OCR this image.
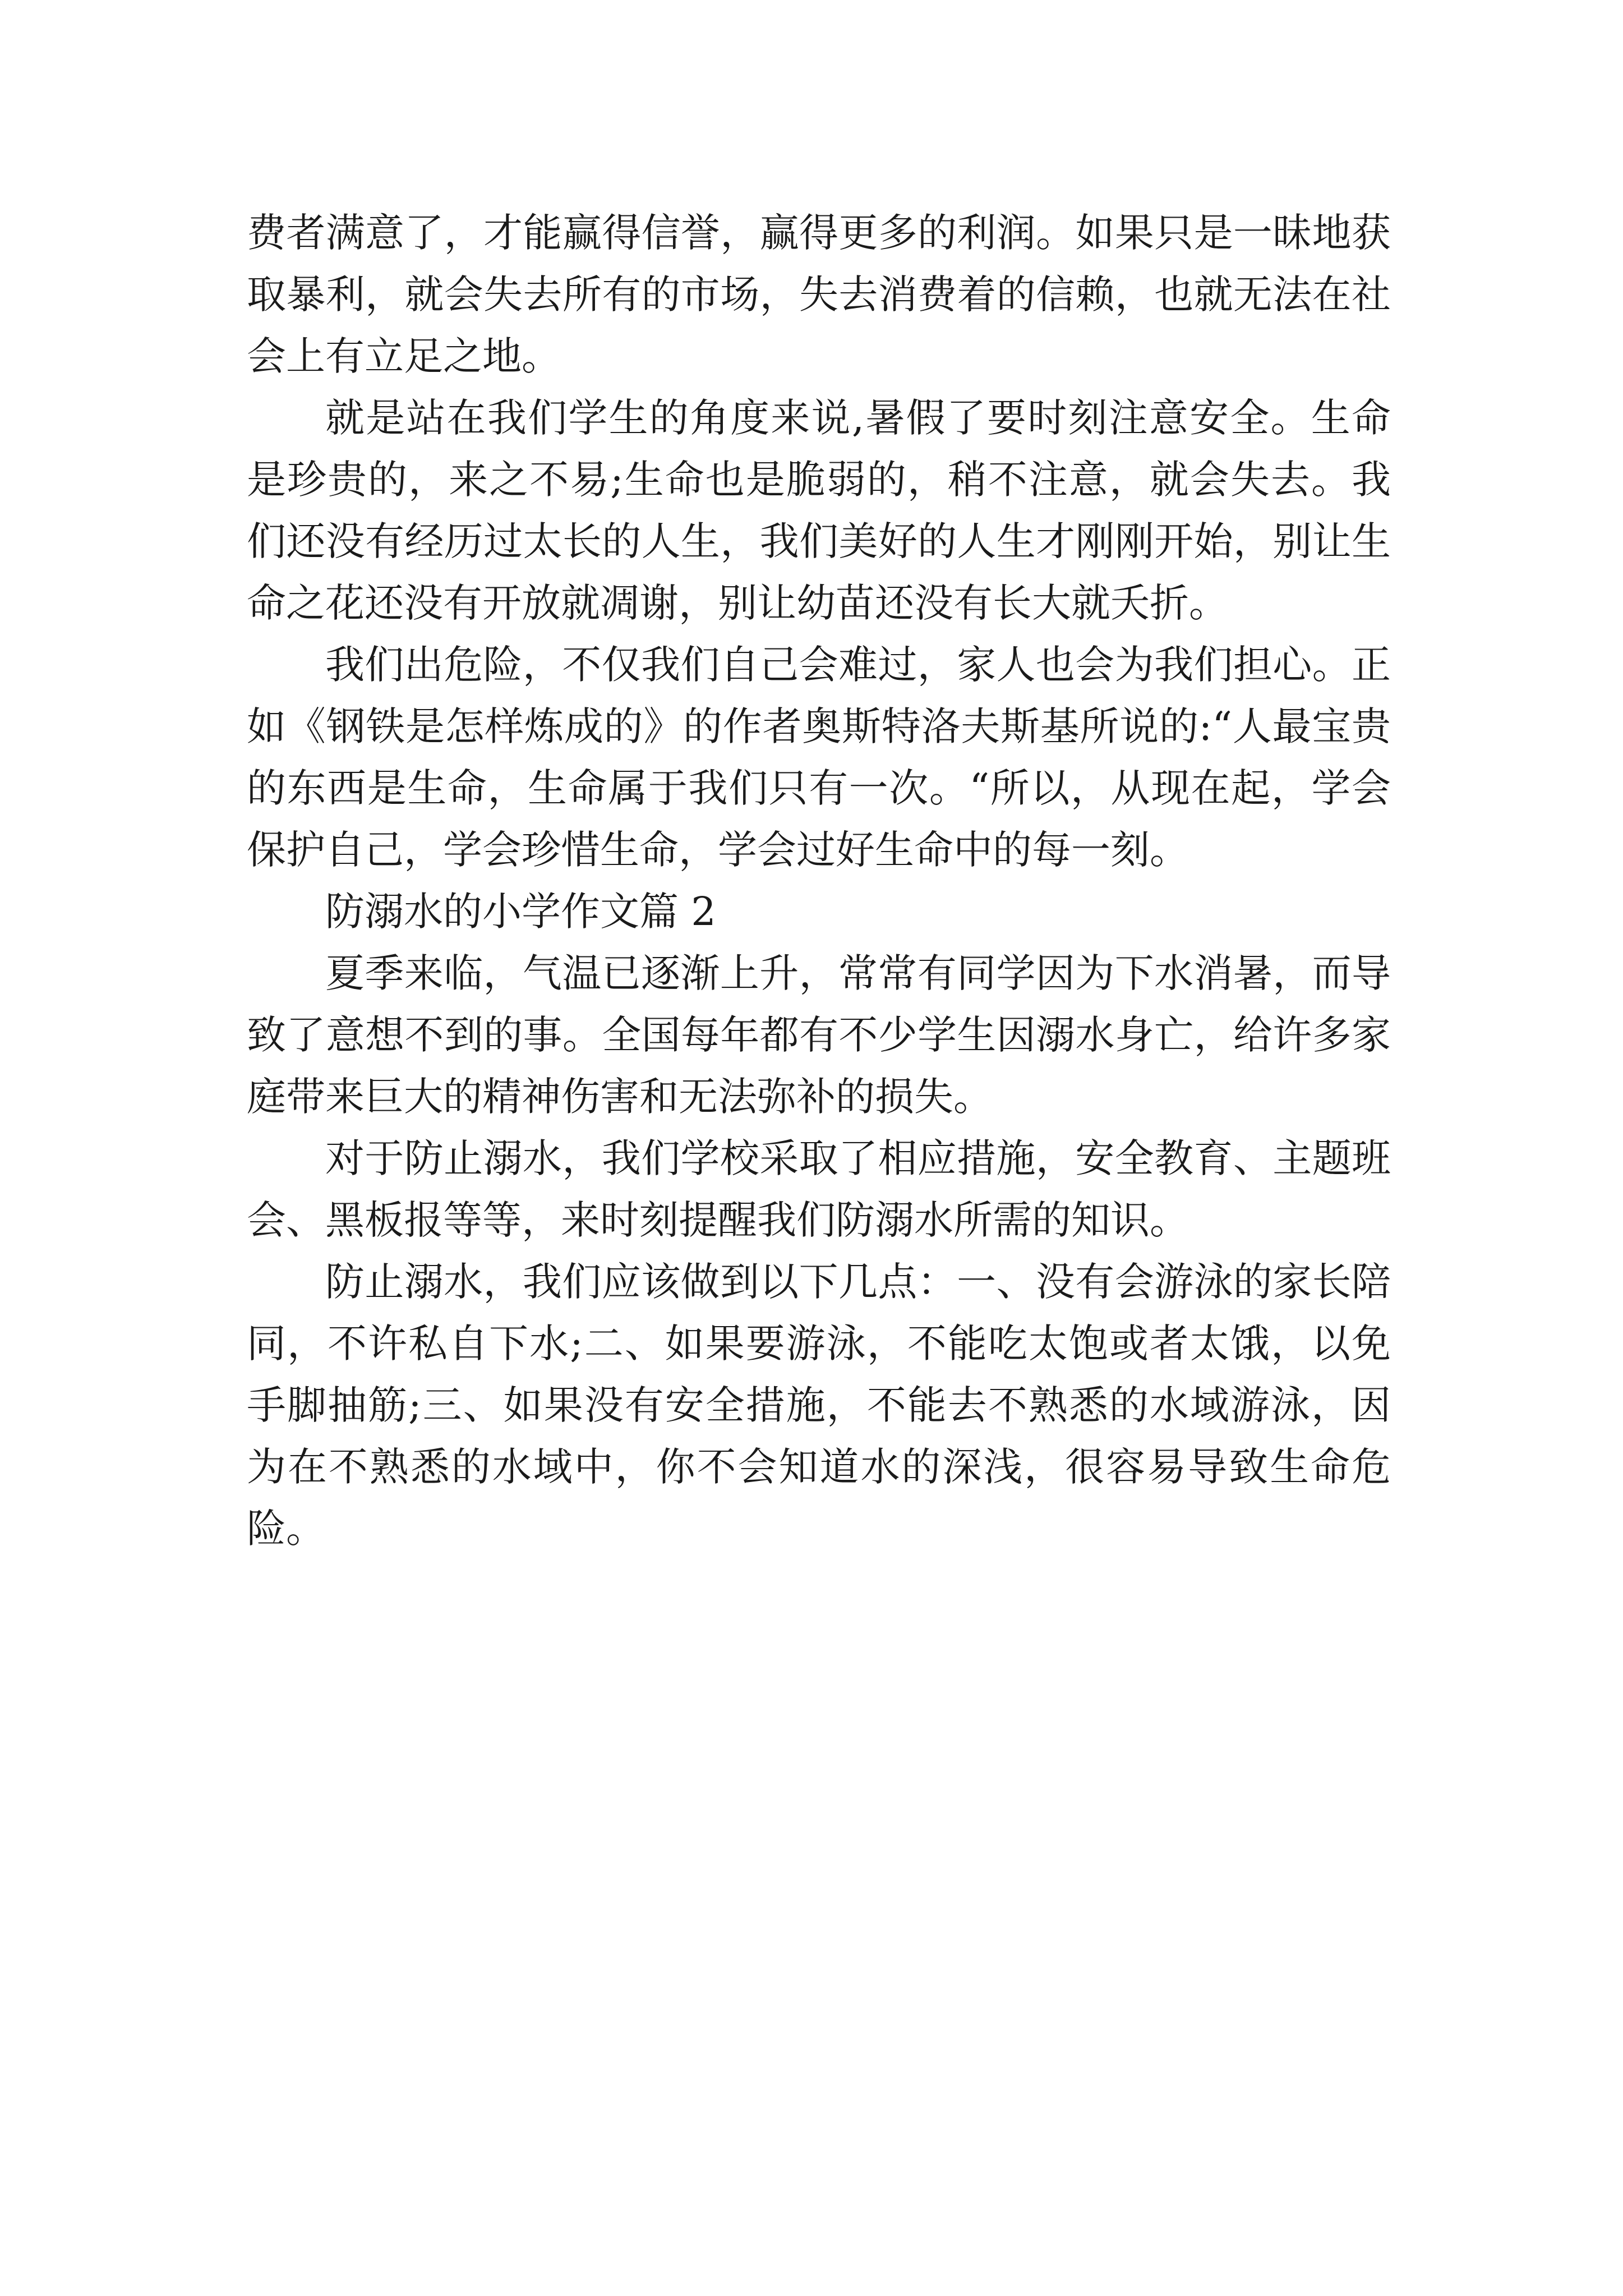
费者满意了，才能赢得信誉，赢得更多的利润。如果只是一昧地获取暴利，就会失去所有的市场，失去消费着的信赖，也就无法在社会上有立足之地。

就是站在我们学生的角度来说,暑假了要时刻注意安全。生命是珍贵的，来之不易;生命也是脆弱的，稍不注意，就会失去。我们还没有经历过太长的人生，我们美好的人生才刚刚开始，别让生命之花还没有开放就凋谢，别让幼苗还没有长大就夭折。

我们出危险，不仅我们自己会难过，家人也会为我们担心。正如《钢铁是怎样炼成的》的作者奥斯特洛夫斯基所说的:“人最宝贵的东西是生命，生命属于我们只有一次。“所以，从现在起，学会保护自己，学会珍惜生命，学会过好生命中的每一刻。

防溺水的小学作文篇 2

夏季来临，气温已逐渐上升，常常有同学因为下水消暑，而导致了意想不到的事。全国每年都有不少学生因溺水身亡，给许多家庭带来巨大的精神伤害和无法弥补的损失。

对于防止溺水，我们学校采取了相应措施，安全教育、主题班会、黑板报等等，来时刻提醒我们防溺水所需的知识。

防止溺水，我们应该做到以下几点：一、没有会游泳的家长陪同，不许私自下水;二、如果要游泳，不能吃太饱或者太饿，以免手脚抽筋;三、如果没有安全措施，不能去不熟悉的水域游泳，因为在不熟悉的水域中，你不会知道水的深浅，很容易导致生命危险。
